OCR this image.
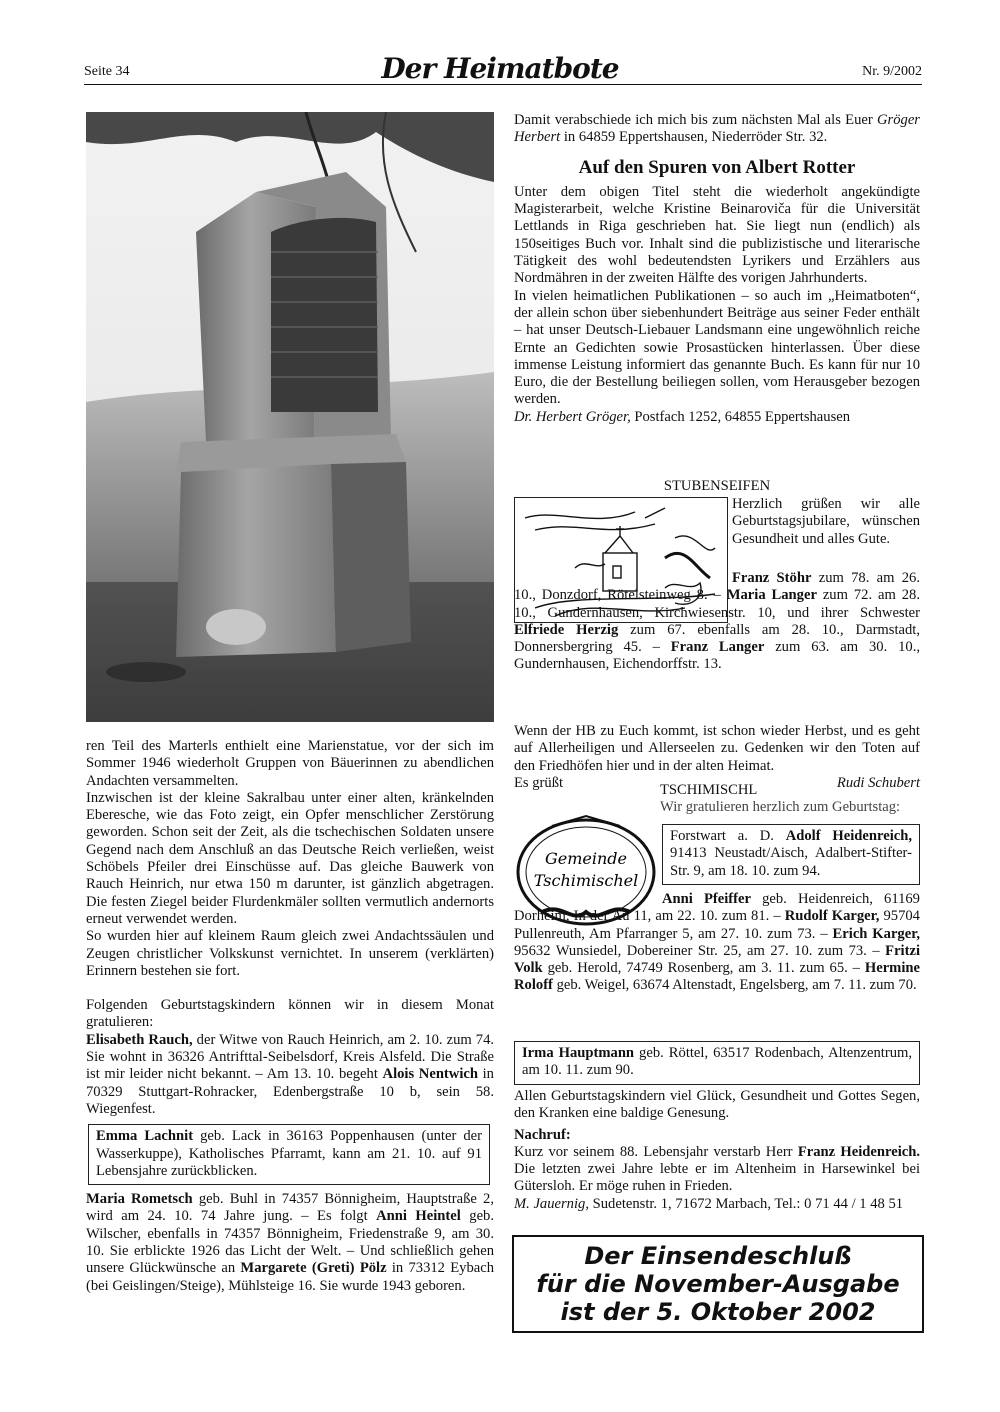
Seite 34	Der Heimatbote	Nr. 9/2002

ren Teil des Marterls enthielt eine Marienstatue, vor der sich im Sommer 1946 wiederholt Gruppen von Bäuerinnen zu abendlichen Andachten versammelten.

Inzwischen ist der kleine Sakralbau unter einer alten, kränkelnden Eberesche, wie das Foto zeigt, ein Opfer menschlicher Zerstörung geworden. Schon seit der Zeit, als die tschechischen Soldaten unsere Gegend nach dem Anschluß an das Deutsche Reich verließen, weist Schöbels Pfeiler drei Einschüsse auf. Das gleiche Bauwerk von Rauch Heinrich, nur etwa 150 m darunter, ist gänzlich abgetragen. Die festen Ziegel beider Flurdenkmäler sollten vermutlich andernorts erneut verwendet werden.

So wurden hier auf kleinem Raum gleich zwei Andachtssäulen und Zeugen christlicher Volkskunst vernichtet. In unserem (verklärten) Erinnern bestehen sie fort.

Folgenden Geburtstagskindern können wir in diesem Monat gratulieren:

Elisabeth Rauch, der Witwe von Rauch Heinrich, am 2. 10. zum 74. Sie wohnt in 36326 Antrifttal-Seibelsdorf, Kreis Alsfeld. Die Straße ist mir leider nicht bekannt. – Am 13. 10. begeht Alois Nentwich in 70329 Stuttgart-Rohracker, Edenbergstraße 10 b, sein 58. Wiegenfest.

Emma Lachnit geb. Lack in 36163 Poppenhausen (unter der Wasserkuppe), Katholisches Pfarramt, kann am 21. 10. auf 91 Lebensjahre zurückblicken.

Maria Rometsch geb. Buhl in 74357 Bönnigheim, Hauptstraße 2, wird am 24. 10. 74 Jahre jung. – Es folgt Anni Heintel geb. Wilscher, ebenfalls in 74357 Bönnigheim, Friedenstraße 9, am 30. 10. Sie erblickte 1926 das Licht der Welt. – Und schließlich gehen unsere Glückwünsche an Margarete (Greti) Pölz in 73312 Eybach (bei Geislingen/Steige), Mühlsteige 16. Sie wurde 1943 geboren.

Damit verabschiede ich mich bis zum nächsten Mal als Euer Gröger Herbert in 64859 Eppertshausen, Niederröder Str. 32.

Auf den Spuren von Albert Rotter

Unter dem obigen Titel steht die wiederholt angekündigte Magisterarbeit, welche Kristine Beinaroviča für die Universität Lettlands in Riga geschrieben hat. Sie liegt nun (endlich) als 150seitiges Buch vor. Inhalt sind die publizistische und literarische Tätigkeit des wohl bedeutendsten Lyrikers und Erzählers aus Nordmähren in der zweiten Hälfte des vorigen Jahrhunderts.

In vielen heimatlichen Publikationen – so auch im „Heimatboten“, der allein schon über siebenhundert Beiträge aus seiner Feder enthält – hat unser Deutsch-Liebauer Landsmann eine ungewöhnlich reiche Ernte an Gedichten sowie Prosastücken hinterlassen. Über diese immense Leistung informiert das genannte Buch. Es kann für nur 10 Euro, die der Bestellung beiliegen sollen, vom Herausgeber bezogen werden.

Dr. Herbert Gröger, Postfach 1252, 64855 Eppertshausen

STUBENSEIFEN

Herzlich grüßen wir alle Geburtstagsjubilare, wünschen Gesundheit und alles Gute.

Franz Stöhr zum 78. am 26. 10., Donzdorf, Rötelsteinweg 8. – Maria Langer zum 72. am 28. 10., Gundernhausen, Kirchwiesenstr. 10, und ihrer Schwester Elfriede Herzig zum 67. ebenfalls am 28. 10., Darmstadt, Donnersbergring 45. – Franz Langer zum 63. am 30. 10., Gundernhausen, Eichendorffstr. 13.

Wenn der HB zu Euch kommt, ist schon wieder Herbst, und es geht auf Allerheiligen und Allerseelen zu. Gedenken wir den Toten auf den Friedhöfen hier und in der alten Heimat.

Es grüßt	Rudi Schubert
TSCHIMISCHL
Wir gratulieren herzlich zum Geburtstag:
Gemeinde
Tschimischel
Forstwart a. D. Adolf Heidenreich, 91413 Neustadt/Aisch, Adalbert-Stifter-Str. 9, am 18. 10. zum 94.

Anni Pfeiffer geb. Heidenreich, 61169 Dorheim, In der Au 11, am 22. 10. zum 81. – Rudolf Karger, 95704 Pullenreuth, Am Pfarranger 5, am 27. 10. zum 73. – Erich Karger, 95632 Wunsiedel, Dobereiner Str. 25, am 27. 10. zum 73. – Fritzi Volk geb. Herold, 74749 Rosenberg, am 3. 11. zum 65. – Hermine Roloff geb. Weigel, 63674 Altenstadt, Engelsberg, am 7. 11. zum 70.

Irma Hauptmann geb. Röttel, 63517 Rodenbach, Altenzentrum, am 10. 11. zum 90.

Allen Geburtstagskindern viel Glück, Gesundheit und Gottes Segen, den Kranken eine baldige Genesung.

Nachruf:

Kurz vor seinem 88. Lebensjahr verstarb Herr Franz Heidenreich. Die letzten zwei Jahre lebte er im Altenheim in Harsewinkel bei Gütersloh. Er möge ruhen in Frieden.

M. Jauernig, Sudetenstr. 1, 71672 Marbach, Tel.: 0 71 44 / 1 48 51

Der Einsendeschluß
für die November-Ausgabe
ist der 5. Oktober 2002
